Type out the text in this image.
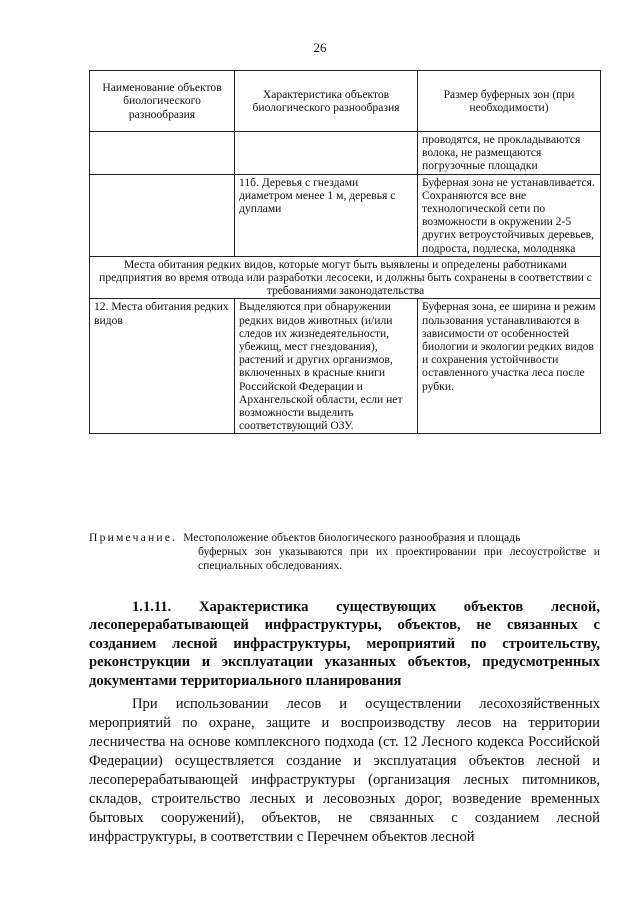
26
Наименование объектов биологического разнообразия	Характеристика объектов биологического разнообразия	Размер буферных зон (при необходимости)
		проводятся, не прокладываются волока, не размещаются погрузочные площадки
	11б. Деревья с гнездами диаметром менее 1 м, деревья с дуплами	Буферная зона не устанавливается. Сохраняются все вне технологической сети по возможности в окружении 2-5 других ветроустойчивых деревьев, подроста, подлеска, молодняка
Места обитания редких видов, которые могут быть выявлены и определены работниками предприятия во время отвода или разработки лесосеки, и должны быть сохранены в соответствии с требованиями законодательства		
12. Места обитания редких видов	Выделяются при обнаружении редких видов животных (и/или следов их жизнедеятельности, убежищ, мест гнездования), растений и других организмов, включенных в красные книги Российской Федерации и Архангельской области, если нет возможности выделить соответствующий ОЗУ.	Буферная зона, ее ширина и режим пользования устанавливаются в зависимости от особенностей биологии и экологии редких видов и сохранения устойчивости оставленного участка леса после рубки.
Примечание. Местоположение объектов биологического разнообразия и площадь
буферных зон указываются при их проектировании при лесоустройстве и специальных обследованиях.
1.1.11. Характеристика существующих объектов лесной, лесоперерабатывающей инфраструктуры, объектов, не связанных с созданием лесной инфраструктуры, мероприятий по строительству, реконструкции и эксплуатации указанных объектов, предусмотренных документами территориального планирования
При использовании лесов и осуществлении лесохозяйственных мероприятий по охране, защите и воспроизводству лесов на территории лесничества на основе комплексного подхода (ст. 12 Лесного кодекса Российской Федерации) осуществляется создание и эксплуатация объектов лесной и лесоперерабатывающей инфраструктуры (организация лесных питомников, складов, строительство лесных и лесовозных дорог, возведение временных бытовых сооружений), объектов, не связанных с созданием лесной инфраструктуры, в соответствии с Перечнем объектов лесной
